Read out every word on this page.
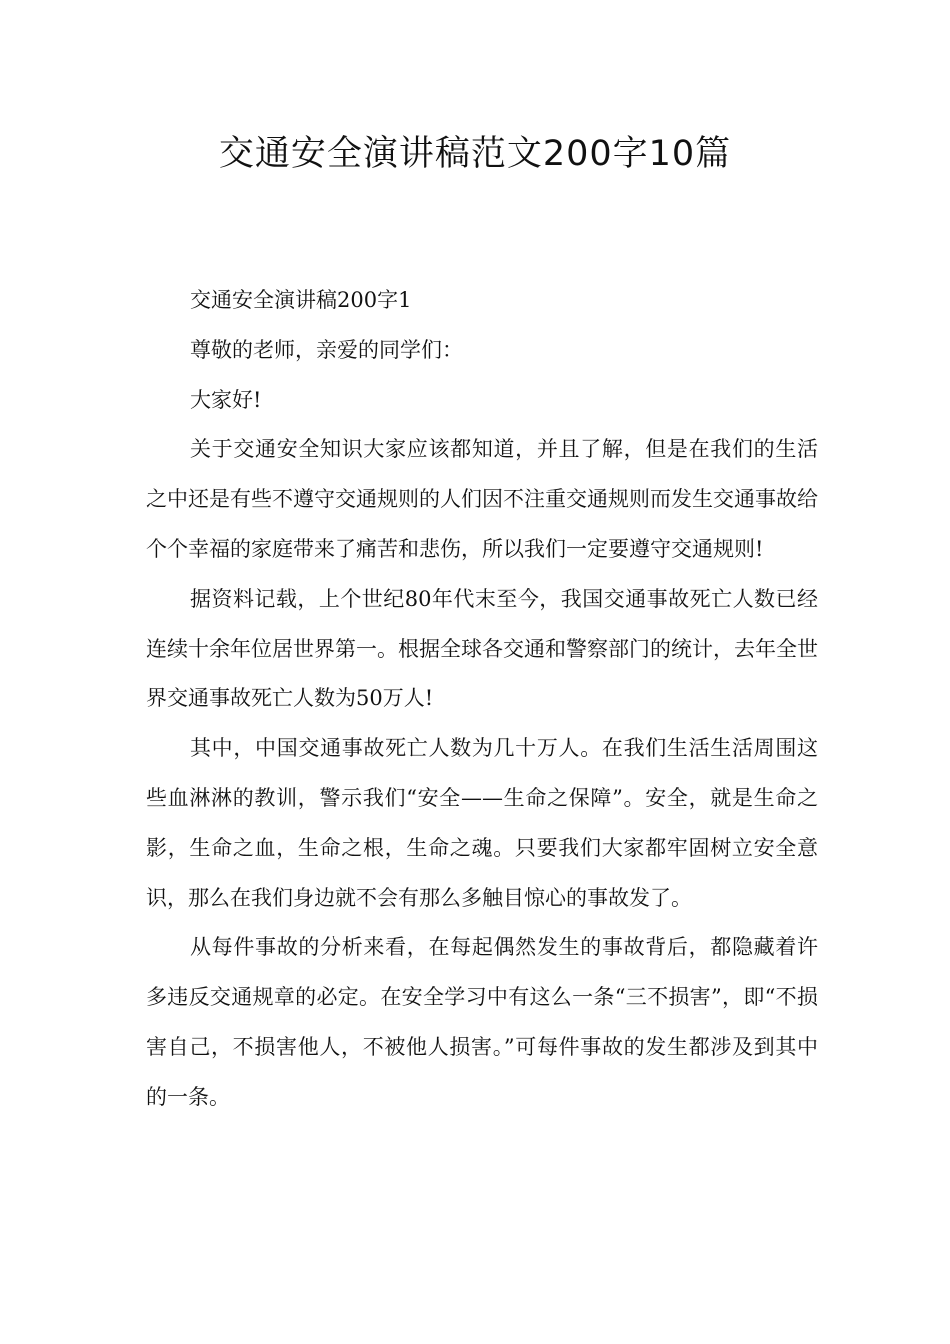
交通安全演讲稿范文200字10篇

交通安全演讲稿200字1

尊敬的老师，亲爱的同学们：

大家好!

关于交通安全知识大家应该都知道，并且了解，但是在我们的生活之中还是有些不遵守交通规则的人们因不注重交通规则而发生交通事故给个个幸福的家庭带来了痛苦和悲伤，所以我们一定要遵守交通规则!

据资料记载，上个世纪80年代末至今，我国交通事故死亡人数已经连续十余年位居世界第一。根据全球各交通和警察部门的统计，去年全世界交通事故死亡人数为50万人!

其中，中国交通事故死亡人数为几十万人。在我们生活生活周围这些血淋淋的教训，警示我们“安全——生命之保障”。安全，就是生命之影，生命之血，生命之根，生命之魂。只要我们大家都牢固树立安全意识，那么在我们身边就不会有那么多触目惊心的事故发了。

从每件事故的分析来看，在每起偶然发生的事故背后，都隐藏着许多违反交通规章的必定。在安全学习中有这么一条“三不损害”，即“不损害自己，不损害他人，不被他人损害。”可每件事故的发生都涉及到其中的一条。
